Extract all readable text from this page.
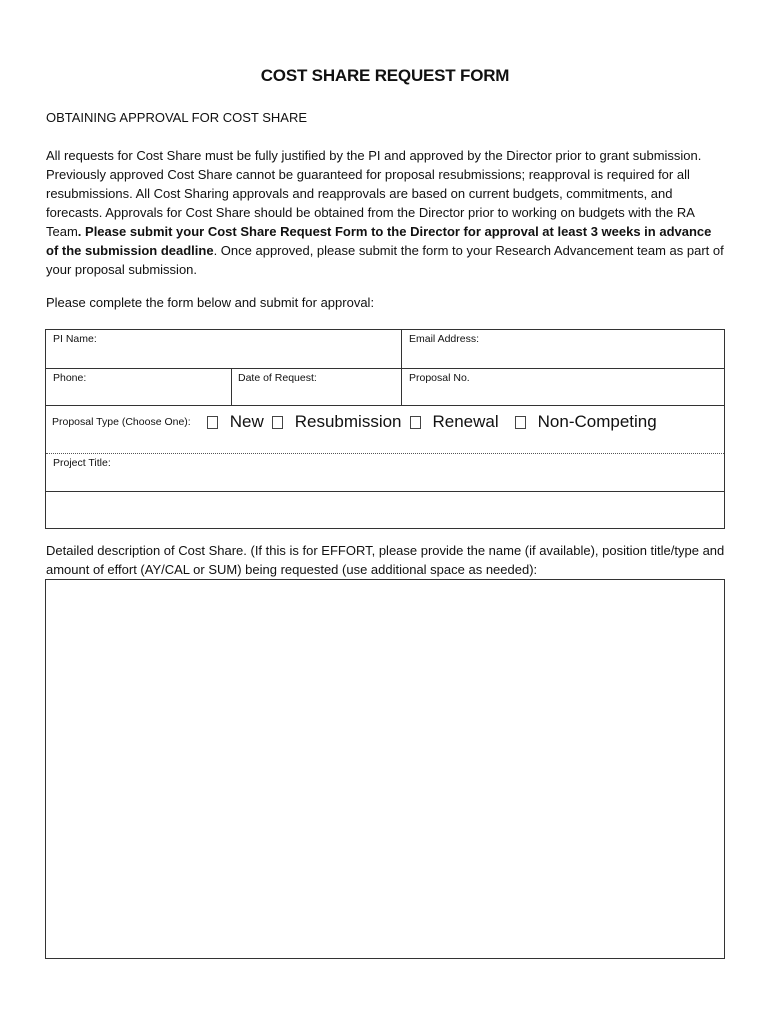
COST SHARE REQUEST FORM
OBTAINING APPROVAL FOR COST SHARE
All requests for Cost Share must be fully justified by the PI and approved by the Director prior to grant submission. Previously approved Cost Share cannot be guaranteed for proposal resubmissions; reapproval is required for all resubmissions. All Cost Sharing approvals and reapprovals are based on current budgets, commitments, and forecasts. Approvals for Cost Share should be obtained from the Director prior to working on budgets with the RA Team. Please submit your Cost Share Request Form to the Director for approval at least 3 weeks in advance of the submission deadline. Once approved, please submit the form to your Research Advancement team as part of your proposal submission.
Please complete the form below and submit for approval:
PI Name:	Email Address:
Phone:	Date of Request:	Proposal No.
Proposal Type (Choose One): New Resubmission Renewal Non-Competing
Project Title:
Detailed description of Cost Share. (If this is for EFFORT, please provide the name (if available), position title/type and amount of effort (AY/CAL or SUM) being requested (use additional space as needed):
